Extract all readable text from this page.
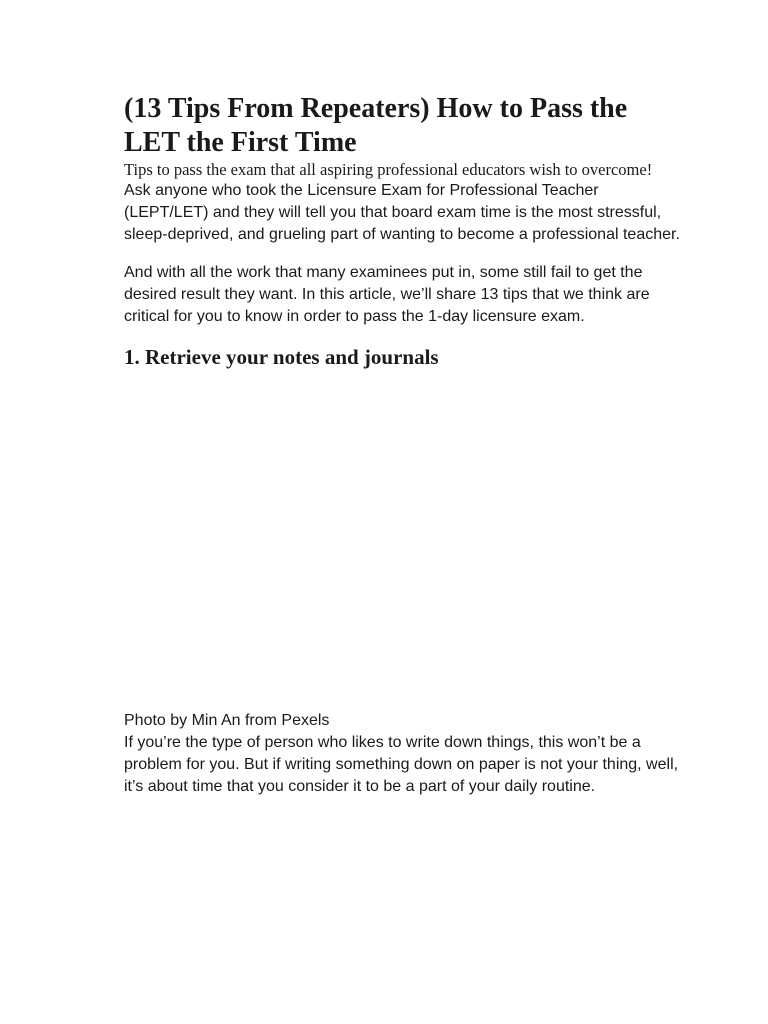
(13 Tips From Repeaters) How to Pass the LET the First Time

Tips to pass the exam that all aspiring professional educators wish to overcome!

Ask anyone who took the Licensure Exam for Professional Teacher (LEPT/LET) and they will tell you that board exam time is the most stressful, sleep-deprived, and grueling part of wanting to become a professional teacher.

And with all the work that many examinees put in, some still fail to get the desired result they want. In this article, we’ll share 13 tips that we think are critical for you to know in order to pass the 1-day licensure exam.

1. Retrieve your notes and journals

Photo by Min An from Pexels

If you’re the type of person who likes to write down things, this won’t be a problem for you. But if writing something down on paper is not your thing, well, it’s about time that you consider it to be a part of your daily routine.
